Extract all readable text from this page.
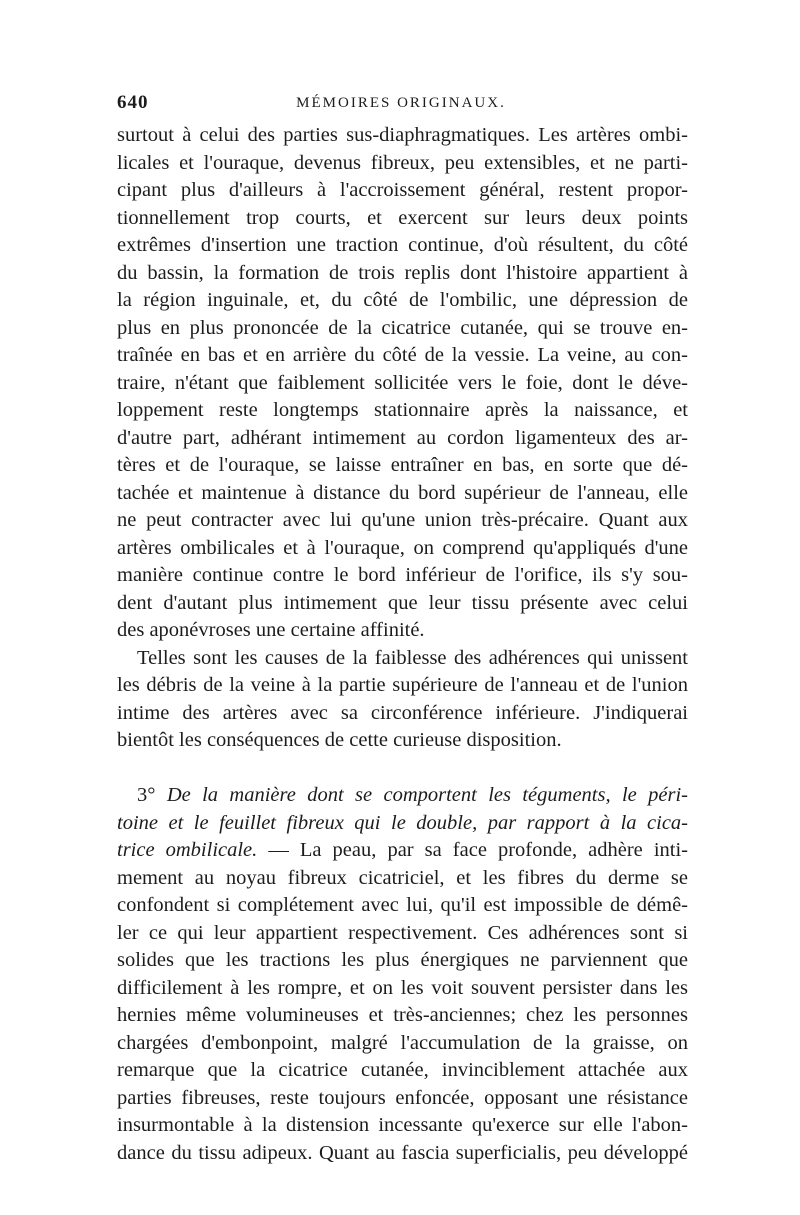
640	MÉMOIRES ORIGINAUX.
surtout à celui des parties sus-diaphragmatiques. Les artères ombi-
licales et l'ouraque, devenus fibreux, peu extensibles, et ne parti-
cipant plus d'ailleurs à l'accroissement général, restent propor-
tionnellement trop courts, et exercent sur leurs deux points
extrêmes d'insertion une traction continue, d'où résultent, du côté
du bassin, la formation de trois replis dont l'histoire appartient à
la région inguinale, et, du côté de l'ombilic, une dépression de
plus en plus prononcée de la cicatrice cutanée, qui se trouve en-
traînée en bas et en arrière du côté de la vessie. La veine, au con-
traire, n'étant que faiblement sollicitée vers le foie, dont le déve-
loppement reste longtemps stationnaire après la naissance, et
d'autre part, adhérant intimement au cordon ligamenteux des ar-
tères et de l'ouraque, se laisse entraîner en bas, en sorte que dé-
tachée et maintenue à distance du bord supérieur de l'anneau, elle
ne peut contracter avec lui qu'une union très-précaire. Quant aux
artères ombilicales et à l'ouraque, on comprend qu'appliqués d'une
manière continue contre le bord inférieur de l'orifice, ils s'y sou-
dent d'autant plus intimement que leur tissu présente avec celui
des aponévroses une certaine affinité.
Telles sont les causes de la faiblesse des adhérences qui unissent
les débris de la veine à la partie supérieure de l'anneau et de l'union
intime des artères avec sa circonférence inférieure. J'indiquerai
bientôt les conséquences de cette curieuse disposition.
3° De la manière dont se comportent les téguments, le péri-
toine et le feuillet fibreux qui le double, par rapport à la cica-
trice ombilicale. — La peau, par sa face profonde, adhère inti-
mement au noyau fibreux cicatriciel, et les fibres du derme se
confondent si complétement avec lui, qu'il est impossible de démê-
ler ce qui leur appartient respectivement. Ces adhérences sont si
solides que les tractions les plus énergiques ne parviennent que
difficilement à les rompre, et on les voit souvent persister dans les
hernies même volumineuses et très-anciennes; chez les personnes
chargées d'embonpoint, malgré l'accumulation de la graisse, on
remarque que la cicatrice cutanée, invinciblement attachée aux
parties fibreuses, reste toujours enfoncée, opposant une résistance
insurmontable à la distension incessante qu'exerce sur elle l'abon-
dance du tissu adipeux. Quant au fascia superficialis, peu développé
